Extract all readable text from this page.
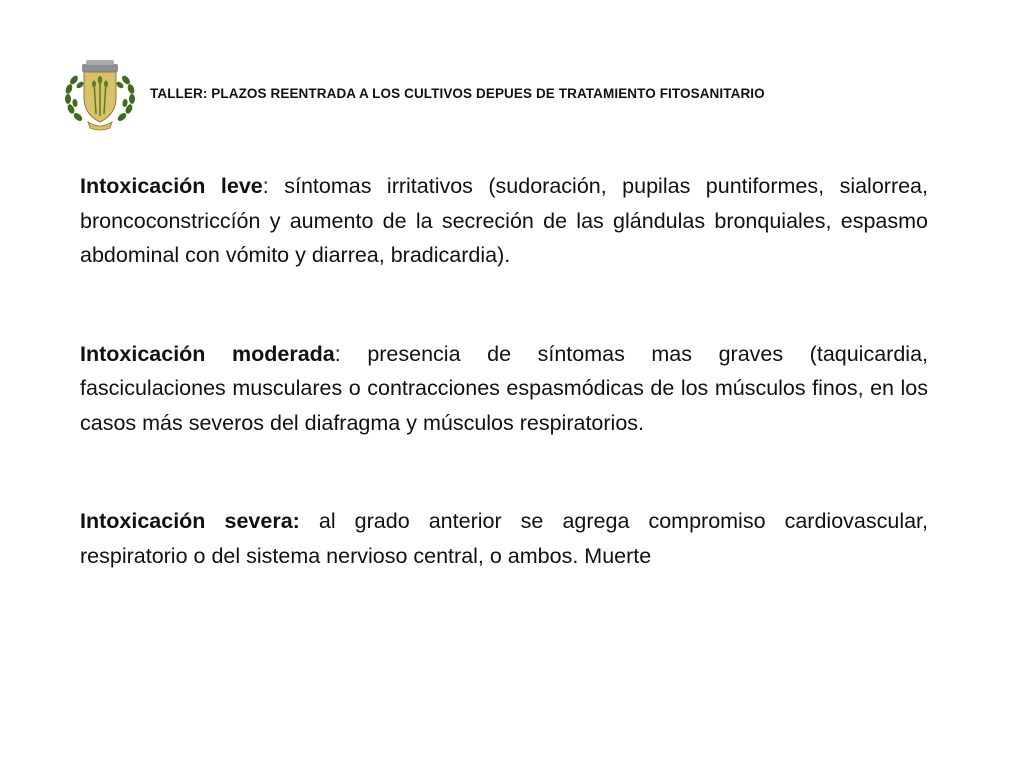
TALLER: PLAZOS REENTRADA A LOS CULTIVOS DEPUES DE TRATAMIENTO FITOSANITARIO

Intoxicación leve: síntomas irritativos (sudoración, pupilas puntiformes, sialorrea, broncoconstriccíón y aumento de la secreción de las glándulas bronquiales, espasmo abdominal con vómito y diarrea, bradicardia).

Intoxicación moderada: presencia de síntomas mas graves (taquicardia, fasciculaciones musculares o contracciones espasmódicas de los músculos finos, en los casos más severos del diafragma y músculos respiratorios.

Intoxicación severa: al grado anterior se agrega compromiso cardiovascular, respiratorio o del sistema nervioso central, o ambos. Muerte
